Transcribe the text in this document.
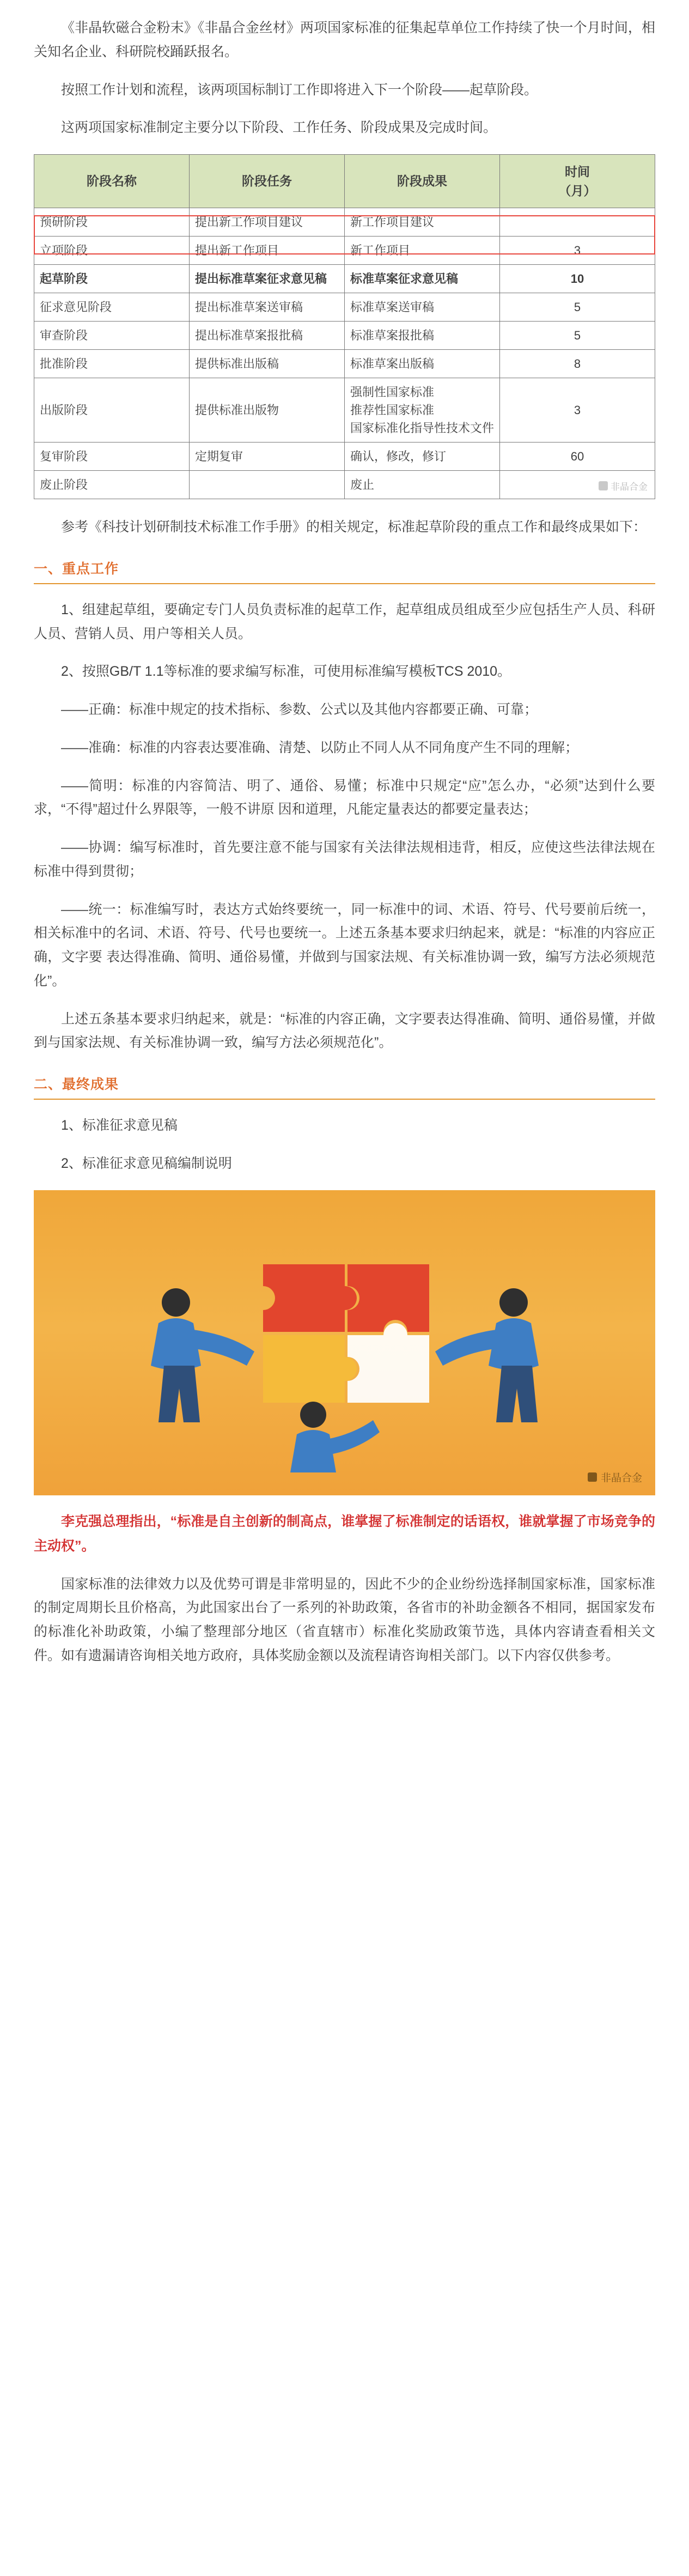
《非晶软磁合金粉末》《非晶合金丝材》两项国家标准的征集起草单位工作持续了快一个月时间，相关知名企业、科研院校踊跃报名。

按照工作计划和流程，该两项国标制订工作即将进入下一个阶段——起草阶段。

这两项国家标准制定主要分以下阶段、工作任务、阶段成果及完成时间。

阶段名称	阶段任务	阶段成果	时间
（月）

预研阶段	提出新工作项目建议	新工作项目建议	
立项阶段	提出新工作项目	新工作项目	3
起草阶段	提出标准草案征求意见稿	标准草案征求意见稿	10
征求意见阶段	提出标准草案送审稿	标准草案送审稿	5
审查阶段	提出标准草案报批稿	标准草案报批稿	5
批准阶段	提供标准出版稿	标准草案出版稿	8
出版阶段	提供标准出版物	强制性国家标准
推荐性国家标准
国家标准化指导性技术文件	3
复审阶段	定期复审	确认，修改，修订	60
废止阶段		废止		非晶合金

参考《科技计划研制技术标准工作手册》的相关规定，标准起草阶段的重点工作和最终成果如下：

一、重点工作

1、组建起草组，要确定专门人员负责标准的起草工作，起草组成员组成至少应包括生产人员、科研人员、营销人员、用户等相关人员。

2、按照GB/T 1.1等标准的要求编写标准，可使用标准编写模板TCS 2010。

——正确：标准中规定的技术指标、参数、公式以及其他内容都要正确、可靠；

——准确：标准的内容表达要准确、清楚、以防止不同人从不同角度产生不同的理解；

——简明：标准的内容简洁、明了、通俗、易懂；标准中只规定“应”怎么办，“必须”达到什么要求，“不得”超过什么界限等，一般不讲原 因和道理，凡能定量表达的都要定量表达；

——协调：编写标准时，首先要注意不能与国家有关法律法规相违背，相反，应使这些法律法规在标准中得到贯彻；

——统一：标准编写时，表达方式始终要统一，同一标准中的词、术语、符号、代号要前后统一，相关标准中的名词、术语、符号、代号也要统一。上述五条基本要求归纳起来，就是：“标准的内容应正确，文字要 表达得准确、简明、通俗易懂，并做到与国家法规、有关标准协调一致，编写方法必须规范化”。

上述五条基本要求归纳起来，就是：“标准的内容正确，文字要表达得准确、简明、通俗易懂，并做到与国家法规、有关标准协调一致，编写方法必须规范化”。

二、最终成果

1、标准征求意见稿

2、标准征求意见稿编制说明

非晶合金

李克强总理指出，“标准是自主创新的制高点，谁掌握了标准制定的话语权，谁就掌握了市场竞争的主动权”。

国家标准的法律效力以及优势可谓是非常明显的，因此不少的企业纷纷选择制国家标准，国家标准的制定周期长且价格高，为此国家出台了一系列的补助政策，各省市的补助金额各不相同，据国家发布的标准化补助政策，小编了整理部分地区（省直辖市）标准化奖励政策节选，具体内容请查看相关文件。如有遗漏请咨询相关地方政府，具体奖励金额以及流程请咨询相关部门。以下内容仅供参考。
